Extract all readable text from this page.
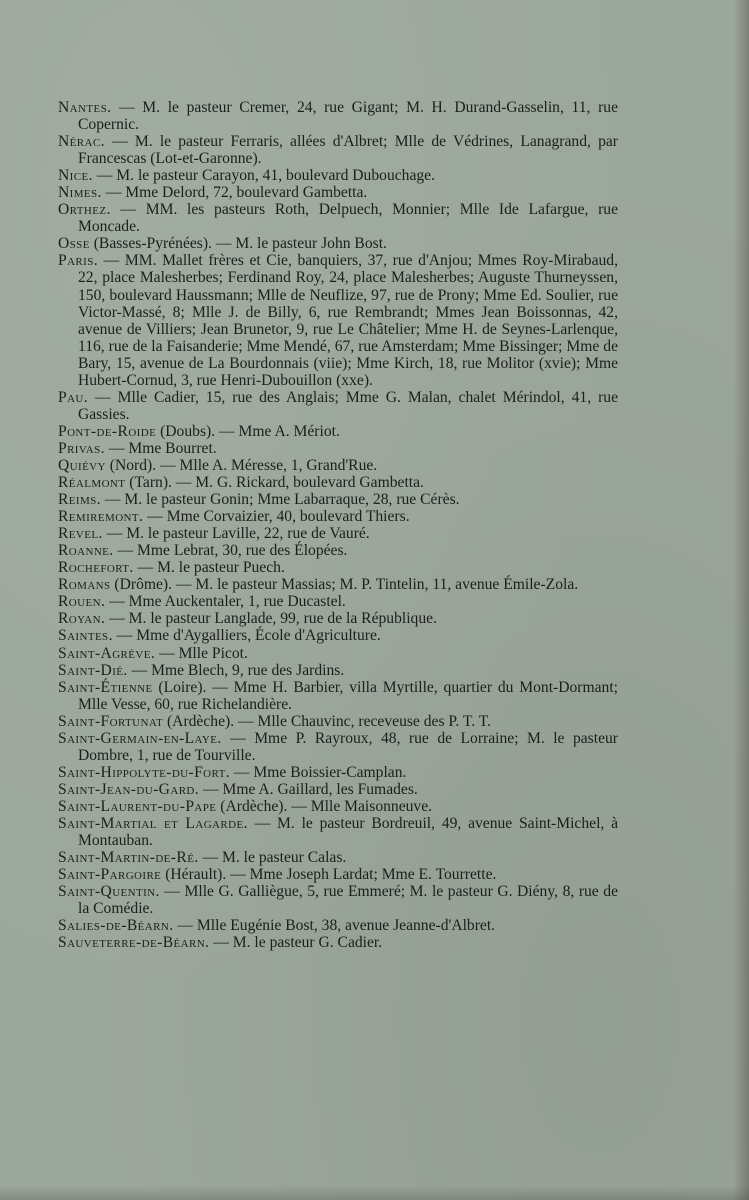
Nantes. — M. le pasteur Cremer, 24, rue Gigant; M. H. Durand-Gasselin, 11, rue Copernic.
Nérac. — M. le pasteur Ferraris, allées d'Albret; Mlle de Védrines, Lanagrand, par Francescas (Lot-et-Garonne).
Nice. — M. le pasteur Carayon, 41, boulevard Dubouchage.
Nimes. — Mme Delord, 72, boulevard Gambetta.
Orthez. — MM. les pasteurs Roth, Delpuech, Monnier; Mlle Ide Lafargue, rue Moncade.
Osse (Basses-Pyrénées). — M. le pasteur John Bost.
Paris. — MM. Mallet frères et Cie, banquiers, 37, rue d'Anjou; Mmes Roy-Mirabaud, 22, place Malesherbes; Ferdinand Roy, 24, place Malesherbes; Auguste Thurneyssen, 150, boulevard Haussmann; Mlle de Neuflize, 97, rue de Prony; Mme Ed. Soulier, rue Victor-Massé, 8; Mlle J. de Billy, 6, rue Rembrandt; Mmes Jean Boissonnas, 42, avenue de Villiers; Jean Brunetor, 9, rue Le Châtelier; Mme H. de Seynes-Larlenque, 116, rue de la Faisanderie; Mme Mendé, 67, rue Amsterdam; Mme Bissinger; Mme de Bary, 15, avenue de La Bourdonnais (viie); Mme Kirch, 18, rue Molitor (xvie); Mme Hubert-Cornud, 3, rue Henri-Dubouillon (xxe).
Pau. — Mlle Cadier, 15, rue des Anglais; Mme G. Malan, chalet Mérindol, 41, rue Gassies.
Pont-de-Roide (Doubs). — Mme A. Mériot.
Privas. — Mme Bourret.
Quiévy (Nord). — Mlle A. Méresse, 1, Grand'Rue.
Réalmont (Tarn). — M. G. Rickard, boulevard Gambetta.
Reims. — M. le pasteur Gonin; Mme Labarraque, 28, rue Cérès.
Remiremont. — Mme Corvaizier, 40, boulevard Thiers.
Revel. — M. le pasteur Laville, 22, rue de Vauré.
Roanne. — Mme Lebrat, 30, rue des Élopées.
Rochefort. — M. le pasteur Puech.
Romans (Drôme). — M. le pasteur Massias; M. P. Tintelin, 11, avenue Émile-Zola.
Rouen. — Mme Auckentaler, 1, rue Ducastel.
Royan. — M. le pasteur Langlade, 99, rue de la République.
Saintes. — Mme d'Aygalliers, École d'Agriculture.
Saint-Agrève. — Mlle Picot.
Saint-Dié. — Mme Blech, 9, rue des Jardins.
Saint-Étienne (Loire). — Mme H. Barbier, villa Myrtille, quartier du Mont-Dormant; Mlle Vesse, 60, rue Richelandière.
Saint-Fortunat (Ardèche). — Mlle Chauvinc, receveuse des P. T. T.
Saint-Germain-en-Laye. — Mme P. Rayroux, 48, rue de Lorraine; M. le pasteur Dombre, 1, rue de Tourville.
Saint-Hippolyte-du-Fort. — Mme Boissier-Camplan.
Saint-Jean-du-Gard. — Mme A. Gaillard, les Fumades.
Saint-Laurent-du-Pape (Ardèche). — Mlle Maisonneuve.
Saint-Martial et Lagarde. — M. le pasteur Bordreuil, 49, avenue Saint-Michel, à Montauban.
Saint-Martin-de-Ré. — M. le pasteur Calas.
Saint-Pargoire (Hérault). — Mme Joseph Lardat; Mme E. Tourrette.
Saint-Quentin. — Mlle G. Galliègue, 5, rue Emmeré; M. le pasteur G. Diény, 8, rue de la Comédie.
Salies-de-Béarn. — Mlle Eugénie Bost, 38, avenue Jeanne-d'Albret.
Sauveterre-de-Béarn. — M. le pasteur G. Cadier.
